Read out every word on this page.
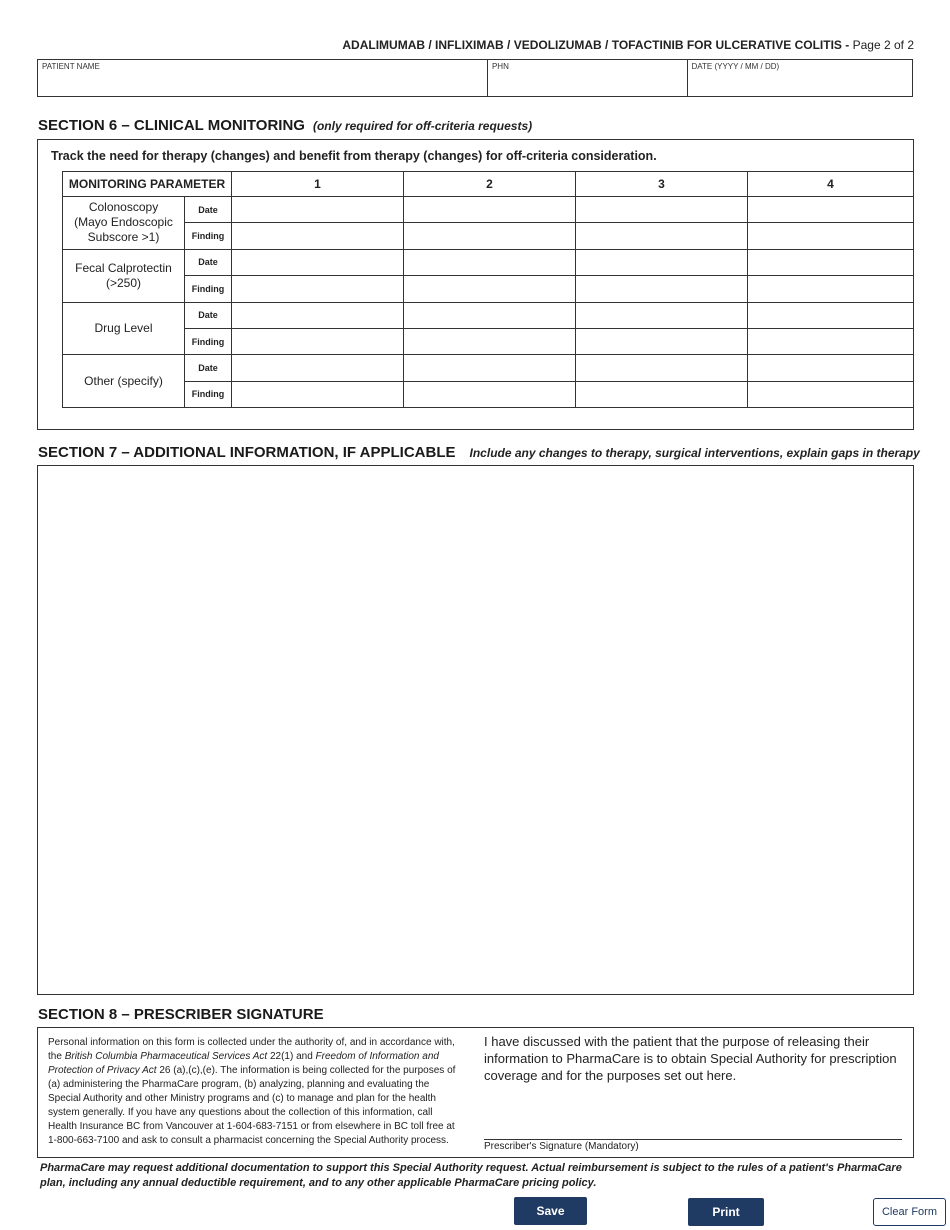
ADALIMUMAB / INFLIXIMAB / VEDOLIZUMAB / TOFACTINIB FOR ULCERATIVE COLITIS - Page 2 of 2
PATIENT NAME	PHN	DATE (YYYY / MM / DD)
SECTION 6 – CLINICAL MONITORING (only required for off-criteria requests)
Track the need for therapy (changes) and benefit from therapy (changes) for off-criteria consideration.
MONITORING PARAMETER		1	2	3	4

Colonoscopy
(Mayo Endoscopic
Subscore >1)	Date				
	Finding				

Fecal Calprotectin
(>250)	Date				
	Finding				

Drug Level	Date				
	Finding				

Other (specify)	Date				
	Finding				
SECTION 7 – ADDITIONAL INFORMATION, IF APPLICABLE Include any changes to therapy, surgical interventions, explain gaps in therapy
SECTION 8 – PRESCRIBER SIGNATURE
Personal information on this form is collected under the authority of, and in accordance with, the British Columbia Pharmaceutical Services Act 22(1) and Freedom of Information and Protection of Privacy Act 26 (a),(c),(e). The information is being collected for the purposes of (a) administering the PharmaCare program, (b) analyzing, planning and evaluating the Special Authority and other Ministry programs and (c) to manage and plan for the health system generally. If you have any questions about the collection of this information, call Health Insurance BC from Vancouver at 1-604-683-7151 or from elsewhere in BC toll free at 1-800-663-7100 and ask to consult a pharmacist concerning the Special Authority process.
I have discussed with the patient that the purpose of releasing their information to PharmaCare is to obtain Special Authority for prescription coverage and for the purposes set out here.
Prescriber's Signature (Mandatory)
PharmaCare may request additional documentation to support this Special Authority request. Actual reimbursement is subject to the rules of a patient's PharmaCare plan, including any annual deductible requirement, and to any other applicable PharmaCare pricing policy.
Save	Print	Clear Form
